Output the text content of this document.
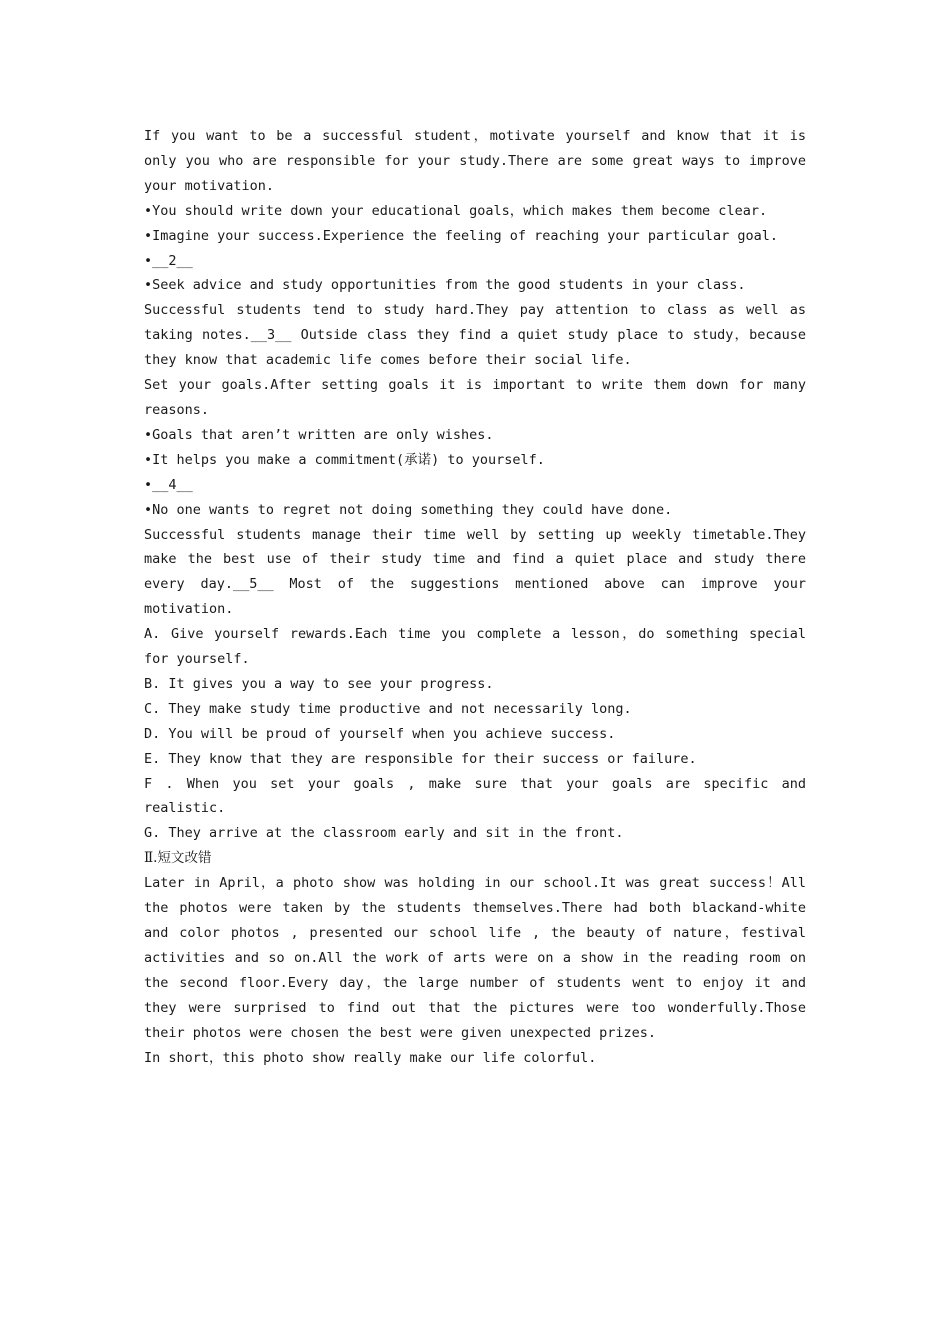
If you want to be a successful student，motivate yourself and know that it is only you who are responsible for your study.There are some great ways to improve your motivation.

•You should write down your educational goals，which makes them become clear.

•Imagine your success.Experience the feeling of reaching your particular goal.

•__2__

•Seek advice and study opportunities from the good students in your class.

Successful students tend to study hard.They pay attention to class as well as taking notes.__3__ Outside class they find a quiet study place to study，because they know that academic life comes before their social life.

Set your goals.After setting goals it is important to write them down for many reasons.

•Goals that aren’t written are only wishes.

•It helps you make a commitment(承诺) to yourself.

•__4__

•No one wants to regret not doing something they could have done.

Successful students manage their time well by setting up weekly timetable.They make the best use of their study time and find a quiet place and study there every day.__5__ Most of the suggestions mentioned above can improve your motivation.

A. Give yourself rewards.Each time you complete a lesson，do something special for yourself.

B. It gives you a way to see your progress.

C. They make study time productive and not necessarily long.

D. You will be proud of yourself when you achieve success.

E. They know that they are responsible for their success or failure.

F . When you set your goals , make sure that your goals are specific and realistic.

G. They arrive at the classroom early and sit in the front.

Ⅱ.短文改错

Later in April，a photo show was holding in our school.It was great success！All the photos were taken by the students themselves.There had both blackand-white and color photos , presented our school life , the beauty of nature，festival activities and so on.All the work of arts were on a show in the reading room on the second floor.Every day，the large number of students went to enjoy it and they were surprised to find out that the pictures were too wonderfully.Those their photos were chosen the best were given unexpected prizes.

In short，this photo show really make our life colorful.
